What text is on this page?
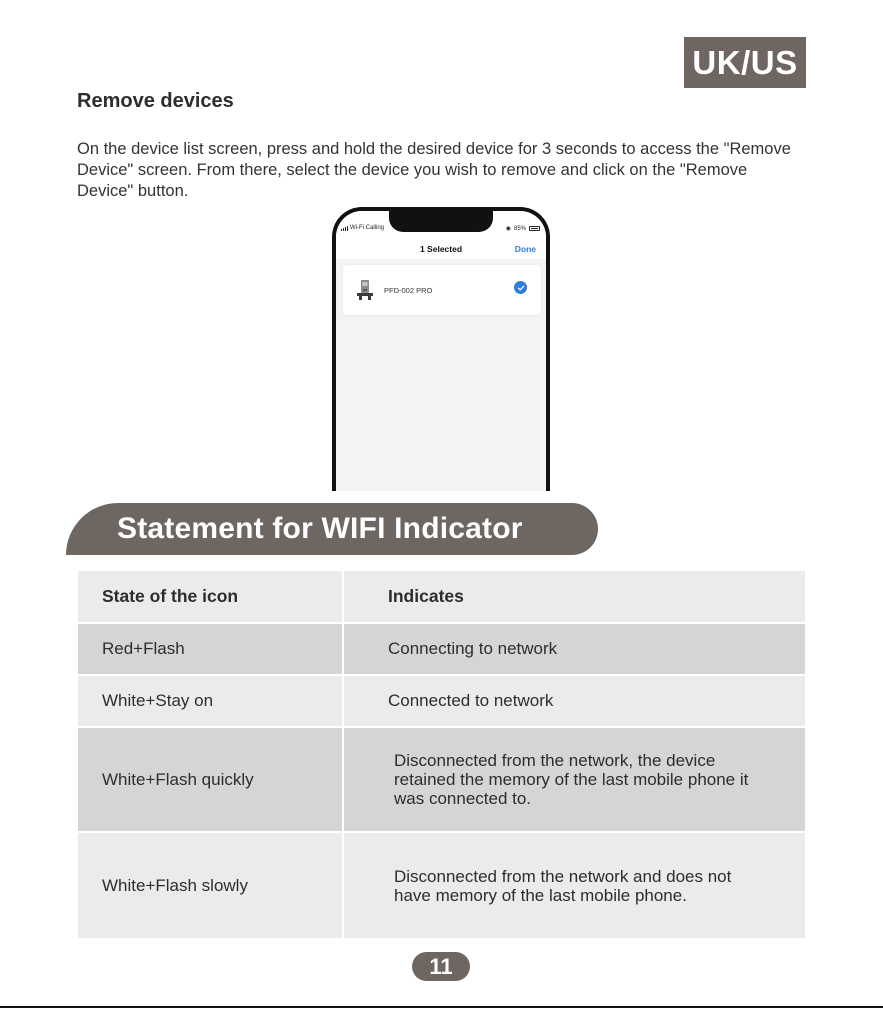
UK/US
Remove devices
On the device list screen, press and hold the desired device for 3 seconds to access the "Remove Device" screen. From there, select the device you wish to remove and click on the "Remove Device" button.
Wi-Fi Calling	◉ 85%
1 Selected	Done
PFD-002 PRO
Statement for WIFI Indicator
State of the icon	Indicates
Red+Flash	Connecting to network
White+Stay on	Connected to network
White+Flash quickly	Disconnected from the network, the device retained the memory of the last mobile phone it was connected to.
White+Flash slowly	Disconnected from the network and does not have memory of the last mobile phone.
11
